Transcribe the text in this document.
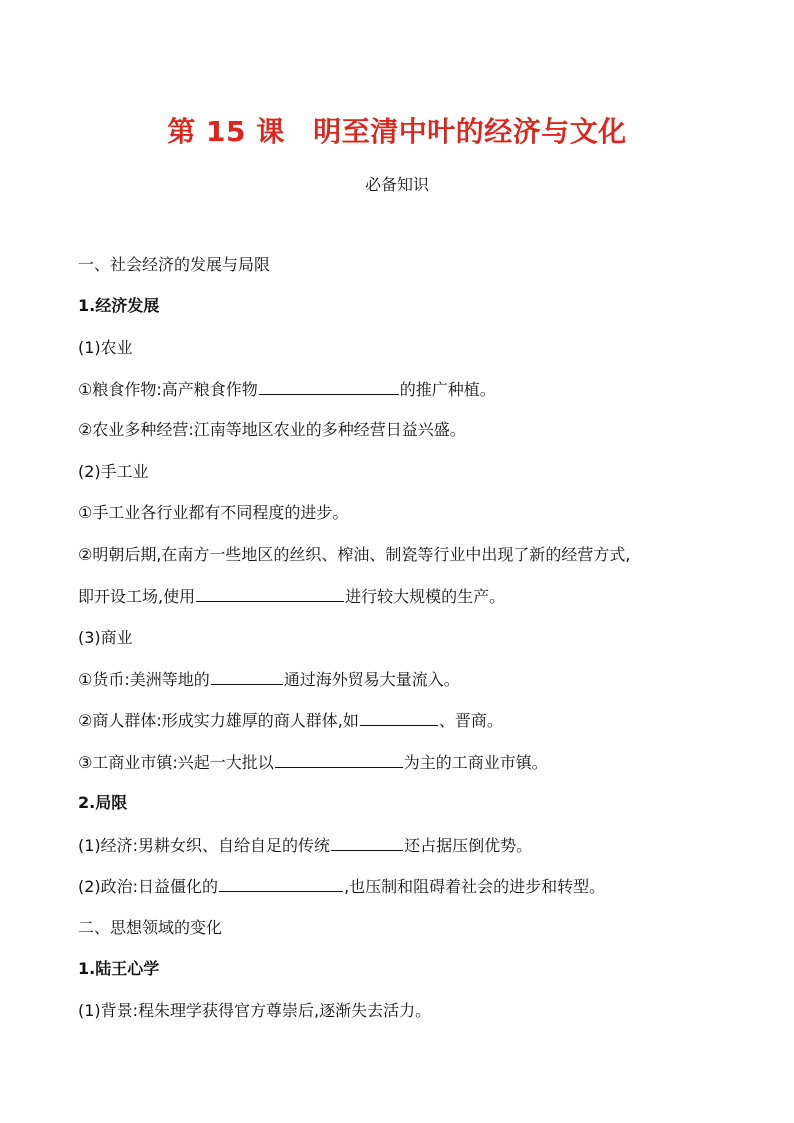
第 15 课　明至清中叶的经济与文化
必备知识
一、社会经济的发展与局限
1.经济发展
(1)农业
①粮食作物:高产粮食作物	的推广种植。
②农业多种经营:江南等地区农业的多种经营日益兴盛。
(2)手工业
①手工业各行业都有不同程度的进步。
②明朝后期,在南方一些地区的丝织、榨油、制瓷等行业中出现了新的经营方式,
即开设工场,使用	进行较大规模的生产。
(3)商业
①货币:美洲等地的	通过海外贸易大量流入。
②商人群体:形成实力雄厚的商人群体,如	、晋商。
③工商业市镇:兴起一大批以	为主的工商业市镇。
2.局限
(1)经济:男耕女织、自给自足的传统	还占据压倒优势。
(2)政治:日益僵化的	,也压制和阻碍着社会的进步和转型。
二、思想领域的变化
1.陆王心学
(1)背景:程朱理学获得官方尊崇后,逐渐失去活力。
